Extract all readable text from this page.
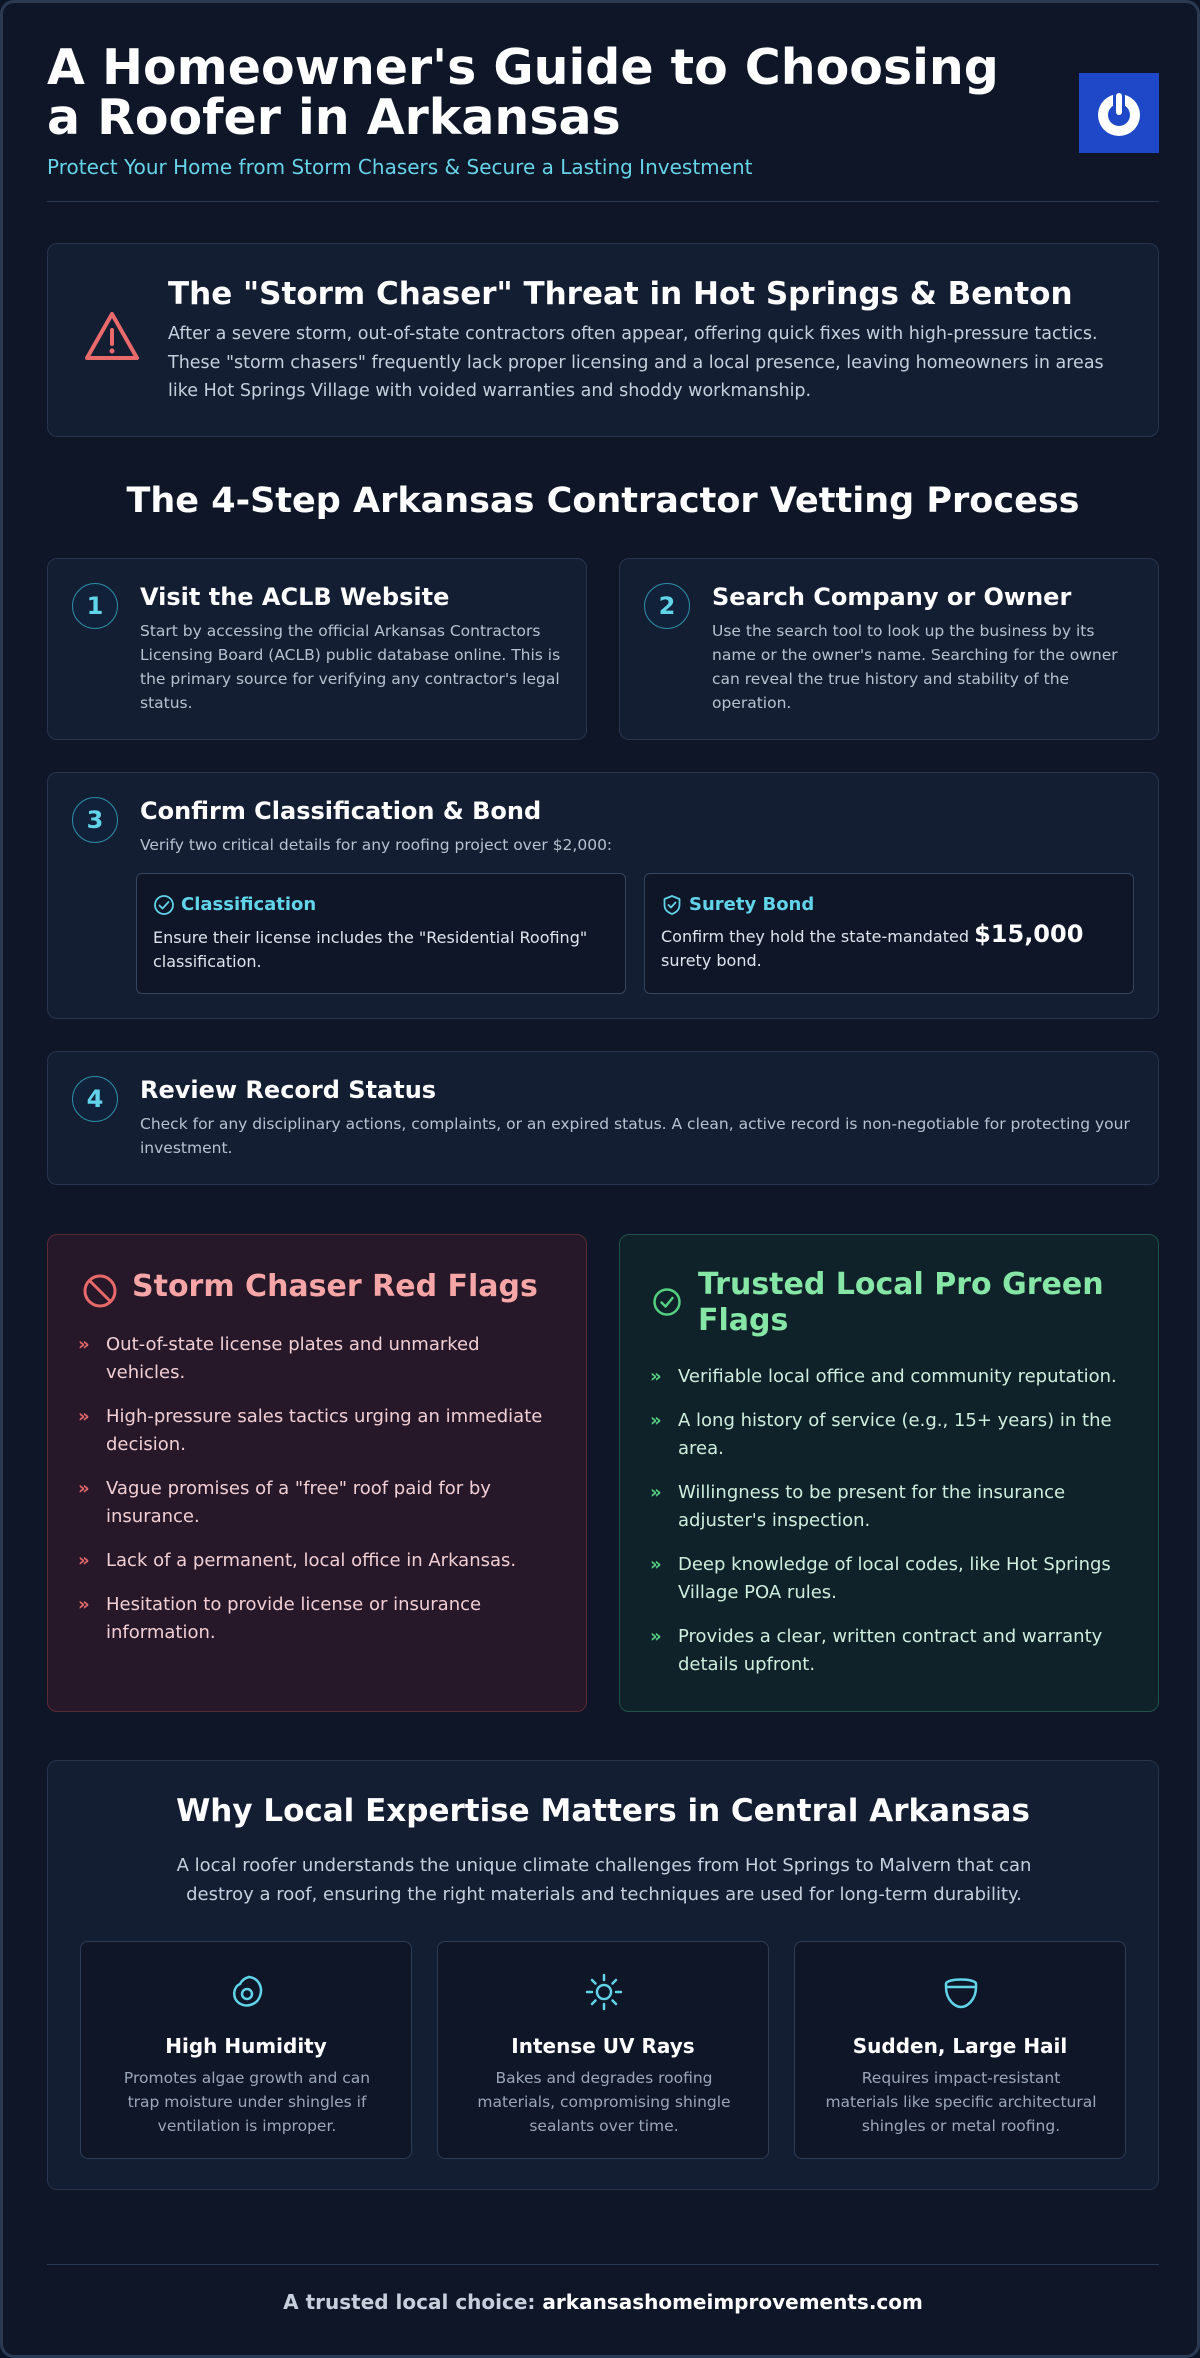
A Homeowner's Guide to Choosing a Roofer in Arkansas
Protect Your Home from Storm Chasers & Secure a Lasting Investment
The "Storm Chaser" Threat in Hot Springs & Benton
After a severe storm, out-of-state contractors often appear, offering quick fixes with high-pressure tactics. These "storm chasers" frequently lack proper licensing and a local presence, leaving homeowners in areas like Hot Springs Village with voided warranties and shoddy workmanship.
The 4-Step Arkansas Contractor Vetting Process
1	Visit the ACLB Website
Start by accessing the official Arkansas Contractors Licensing Board (ACLB) public database online. This is the primary source for verifying any contractor's legal status.
2	Search Company or Owner
Use the search tool to look up the business by its name or the owner's name. Searching for the owner can reveal the true history and stability of the operation.
3	Confirm Classification & Bond
Verify two critical details for any roofing project over $2,000:
Classification
Ensure their license includes the "Residential Roofing" classification.
Surety Bond
Confirm they hold the state-mandated $15,000 surety bond.
4	Review Record Status
Check for any disciplinary actions, complaints, or an expired status. A clean, active record is non-negotiable for protecting your investment.
Storm Chaser Red Flags
» Out-of-state license plates and unmarked vehicles.
» High-pressure sales tactics urging an immediate decision.
» Vague promises of a "free" roof paid for by insurance.
» Lack of a permanent, local office in Arkansas.
» Hesitation to provide license or insurance information.
Trusted Local Pro Green Flags
» Verifiable local office and community reputation.
» A long history of service (e.g., 15+ years) in the area.
» Willingness to be present for the insurance adjuster's inspection.
» Deep knowledge of local codes, like Hot Springs Village POA rules.
» Provides a clear, written contract and warranty details upfront.
Why Local Expertise Matters in Central Arkansas
A local roofer understands the unique climate challenges from Hot Springs to Malvern that can destroy a roof, ensuring the right materials and techniques are used for long-term durability.
High Humidity
Promotes algae growth and can trap moisture under shingles if ventilation is improper.
Intense UV Rays
Bakes and degrades roofing materials, compromising shingle sealants over time.
Sudden, Large Hail
Requires impact-resistant materials like specific architectural shingles or metal roofing.
A trusted local choice: arkansashomeimprovements.com
